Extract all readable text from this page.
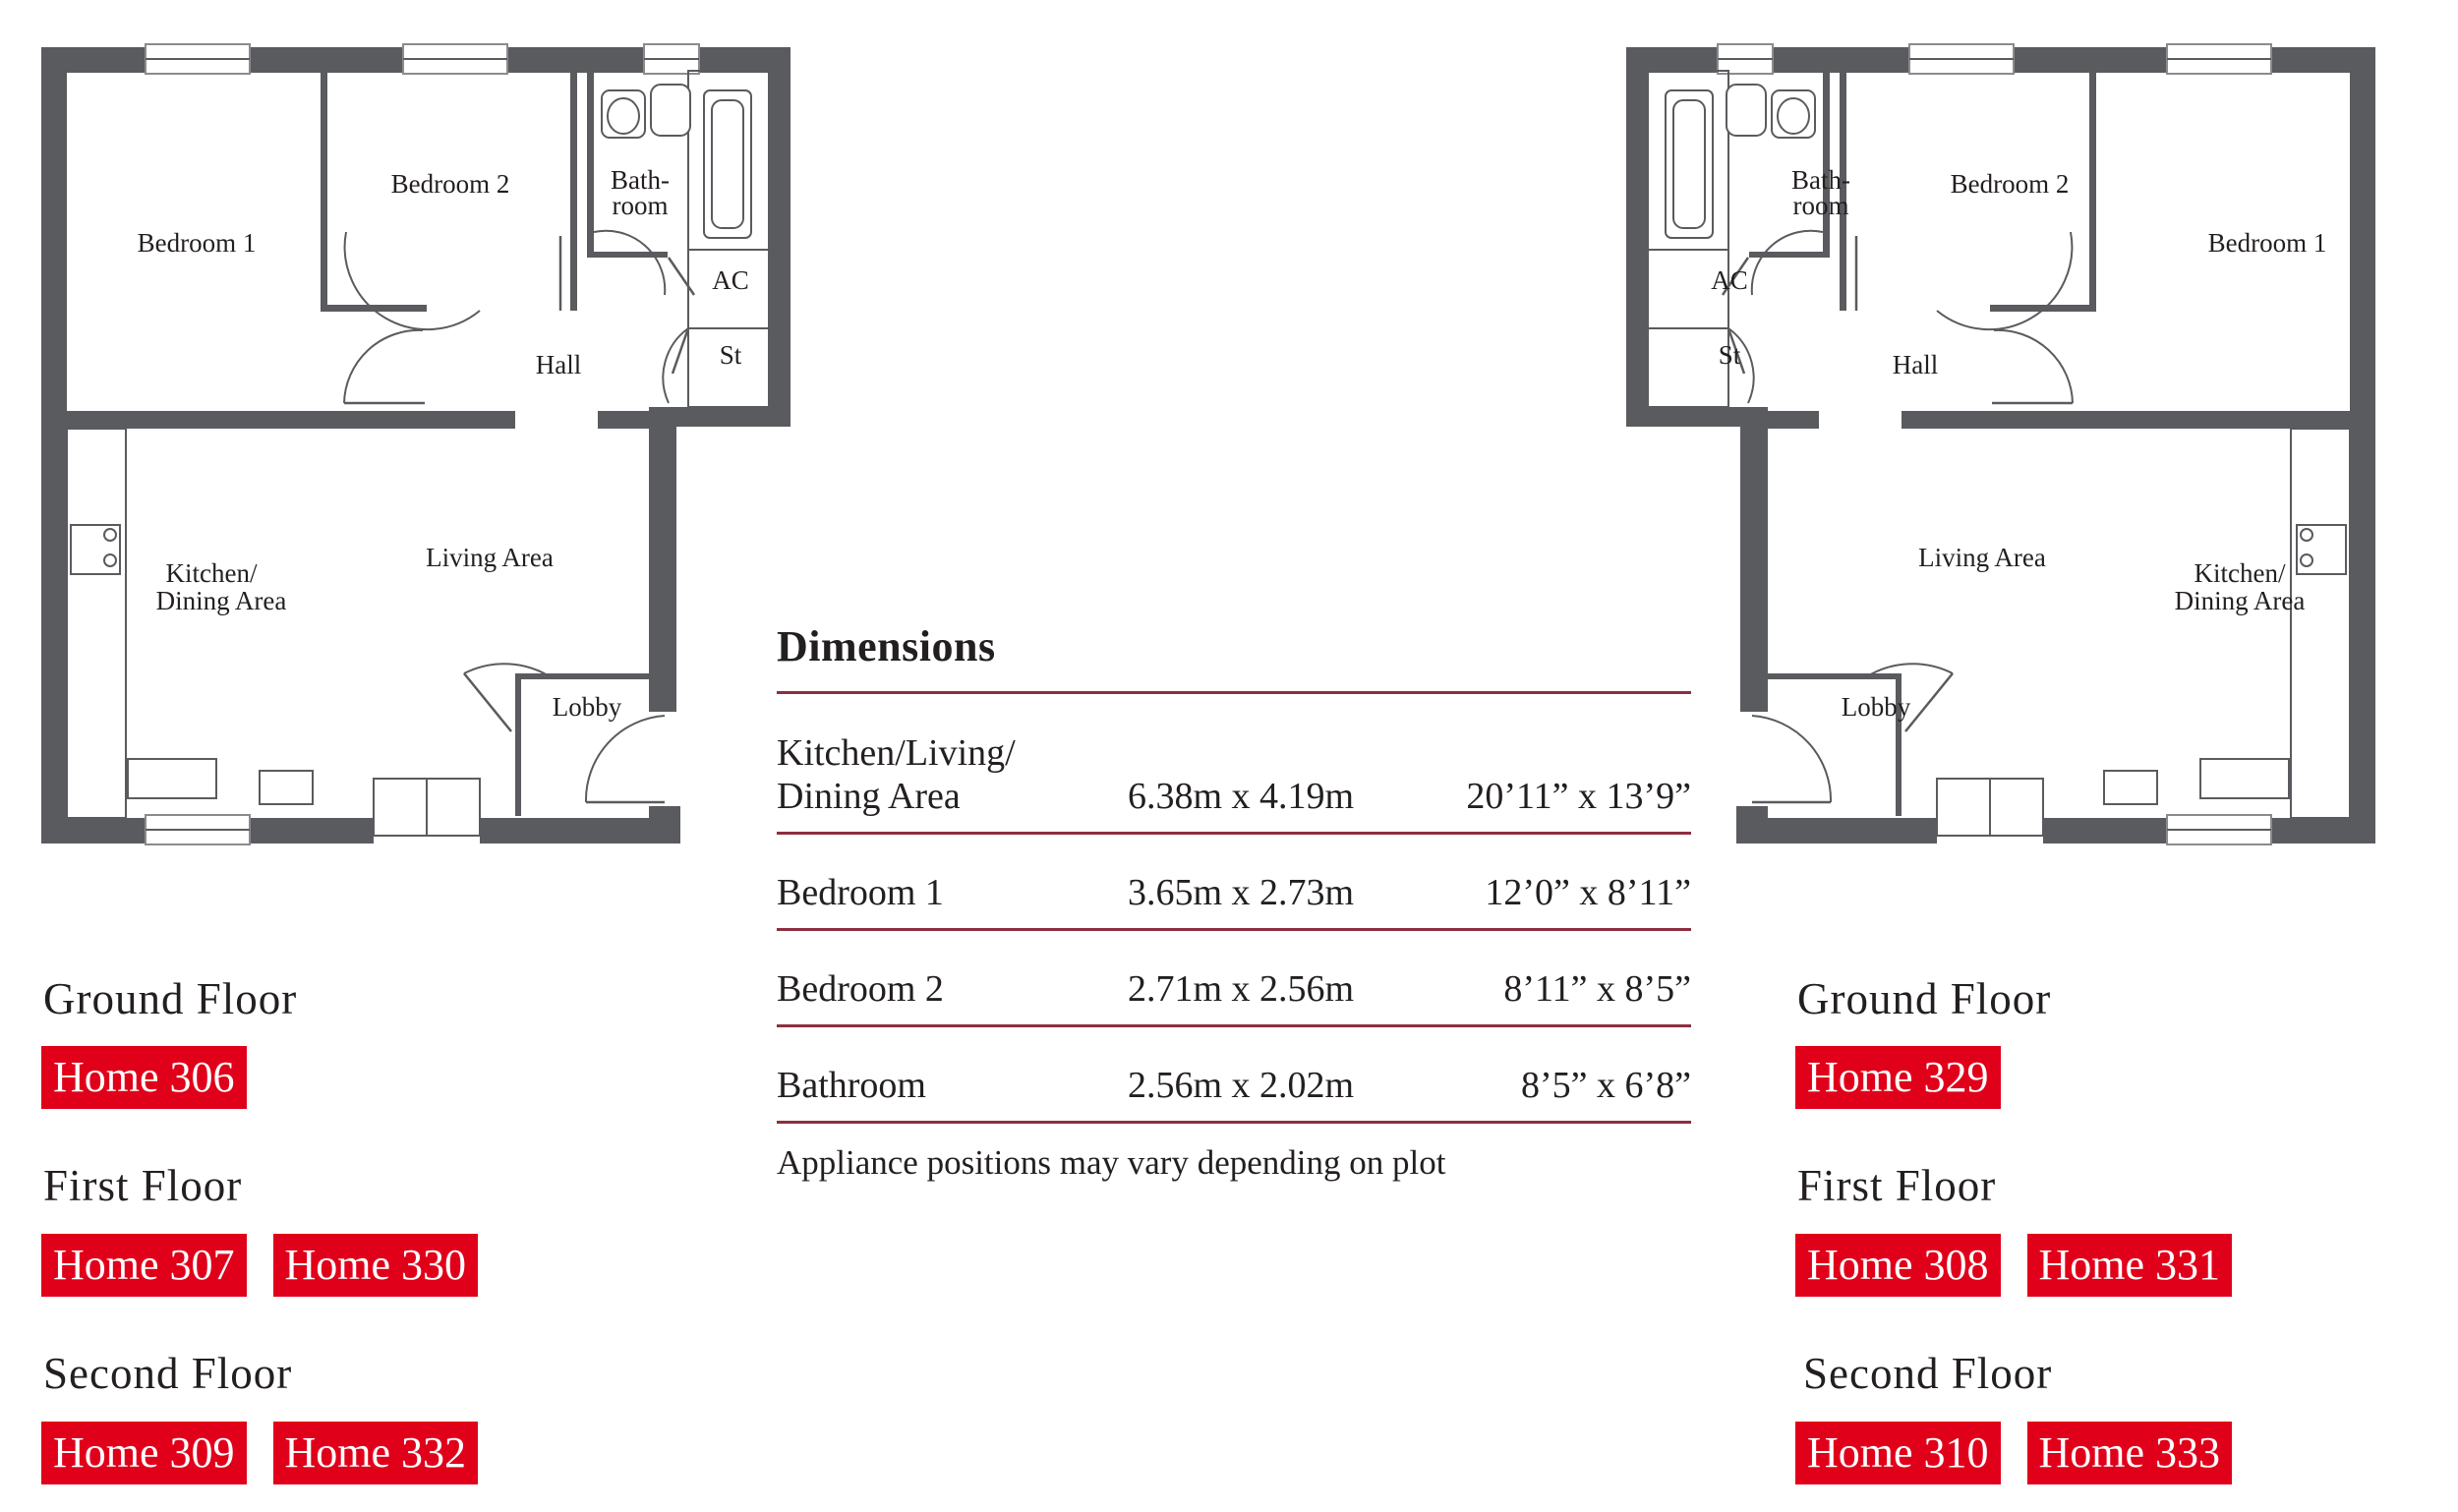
Bedroom 1
Bedroom 2	Bath-
room
AC
St
Hall
Kitchen/
Dining Area
Living Area
Lobby
Bedroom 1
Bedroom 2
Bath-
room
AC
St	Hall
Kitchen/
Dining Area
Living Area
Lobby
Ground Floor
Home 306
First Floor
Home 307 Home 330
Second Floor
Home 309 Home 332
Ground Floor
Home 329
First Floor
Home 308 Home 331
Second Floor
Home 310 Home 333
Dimensions
Kitchen/Living/
Dining Area	6.38m x 4.19m	20’11” x 13’9”
Bedroom 1	3.65m x 2.73m	12’0” x 8’11”
Bedroom 2	2.71m x 2.56m	8’11” x 8’5”
Bathroom	2.56m x 2.02m	8’5” x 6’8”
Appliance positions may vary depending on plot
